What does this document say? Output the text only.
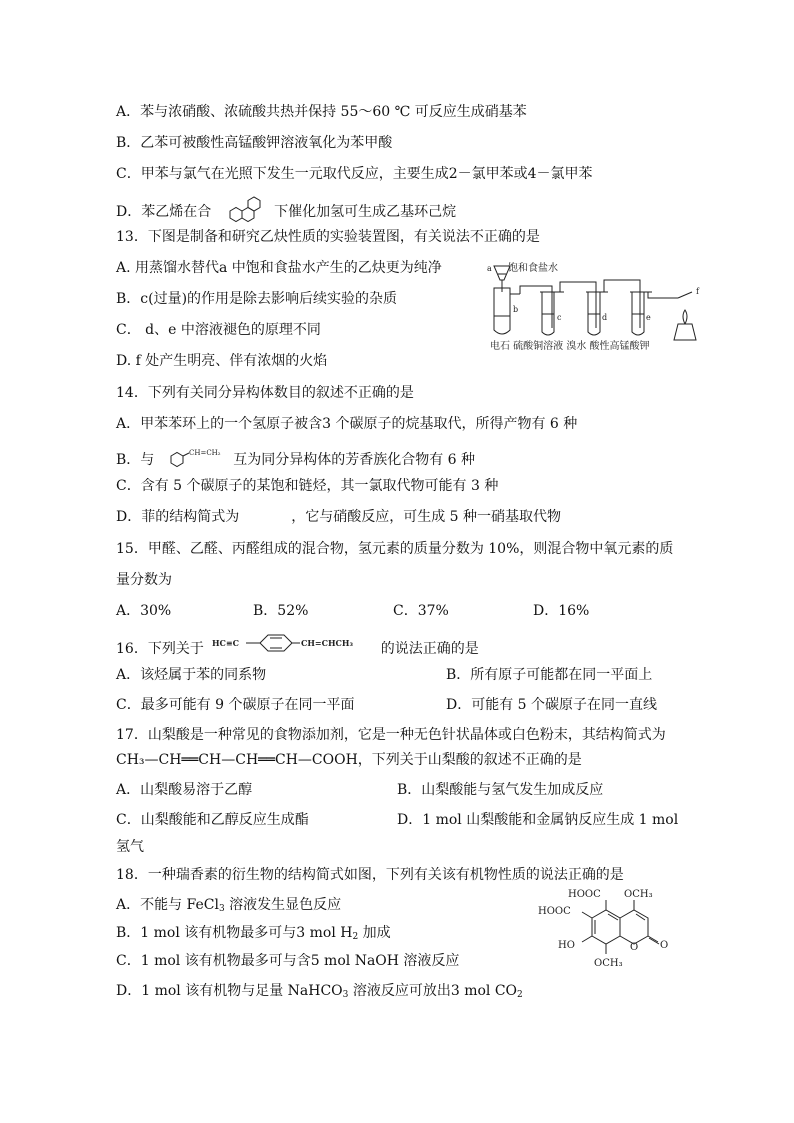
A．苯与浓硝酸、浓硫酸共热并保持 55～60 ℃ 可反应生成硝基苯
B．乙苯可被酸性高锰酸钾溶液氧化为苯甲酸
C．甲苯与氯气在光照下发生一元取代反应，主要生成2－氯甲苯或4－氯甲苯
D．苯乙烯在合	下催化加氢可生成乙基环己烷
13．下图是制备和研究乙炔性质的实验装置图，有关说法不正确的是
A. 用蒸馏水替代a 中饱和食盐水产生的乙炔更为纯净
B．c(过量)的作用是除去影响后续实验的杂质
C． d、e 中溶液褪色的原理不同
D. f 处产生明亮、伴有浓烟的火焰
饱和食盐水
a
b
c	d	e
f
电石 硫酸铜溶液 溴水 酸性高锰酸钾
14．下列有关同分异构体数目的叙述不正确的是
A．甲苯苯环上的一个氢原子被含3 个碳原子的烷基取代，所得产物有 6 种
B．与	CH=CH₂ 互为同分异构体的芳香族化合物有 6 种
C．含有 5 个碳原子的某饱和链烃，其一氯取代物可能有 3 种
D．菲的结构简式为	，它与硝酸反应，可生成 5 种一硝基取代物
15．甲醛、乙醛、丙醛组成的混合物，氢元素的质量分数为 10%，则混合物中氧元素的质
量分数为
A．30%	B．52%	C．37%	D．16%
16．下列关于 HC≡C	CH=CHCH₃ 的说法正确的是
A．该烃属于苯的同系物	B．所有原子可能都在同一平面上
C．最多可能有 9 个碳原子在同一平面	D．可能有 5 个碳原子在同一直线
17．山梨酸是一种常见的食物添加剂，它是一种无色针状晶体或白色粉末，其结构简式为
CH₃—CH══CH—CH══CH—COOH，下列关于山梨酸的叙述不正确的是
A．山梨酸易溶于乙醇	B．山梨酸能与氢气发生加成反应
C．山梨酸能和乙醇反应生成酯	D．1 mol 山梨酸能和金属钠反应生成 1 mol
氢气
18．一种瑞香素的衍生物的结构简式如图，下列有关该有机物性质的说法正确的是
A．不能与 FeCl$_3$ 溶液发生显色反应
B．1 mol 该有机物最多可与3 mol $H_2$ 加成
C．1 mol 该有机物最多可与含5 mol NaOH 溶液反应
D．1 mol 该有机物与足量 NaHCO$_3$ 溶液反应可放出3 mol $CO_2$
HOOC OCH₃
HOOC
HO	O O
OCH₃
